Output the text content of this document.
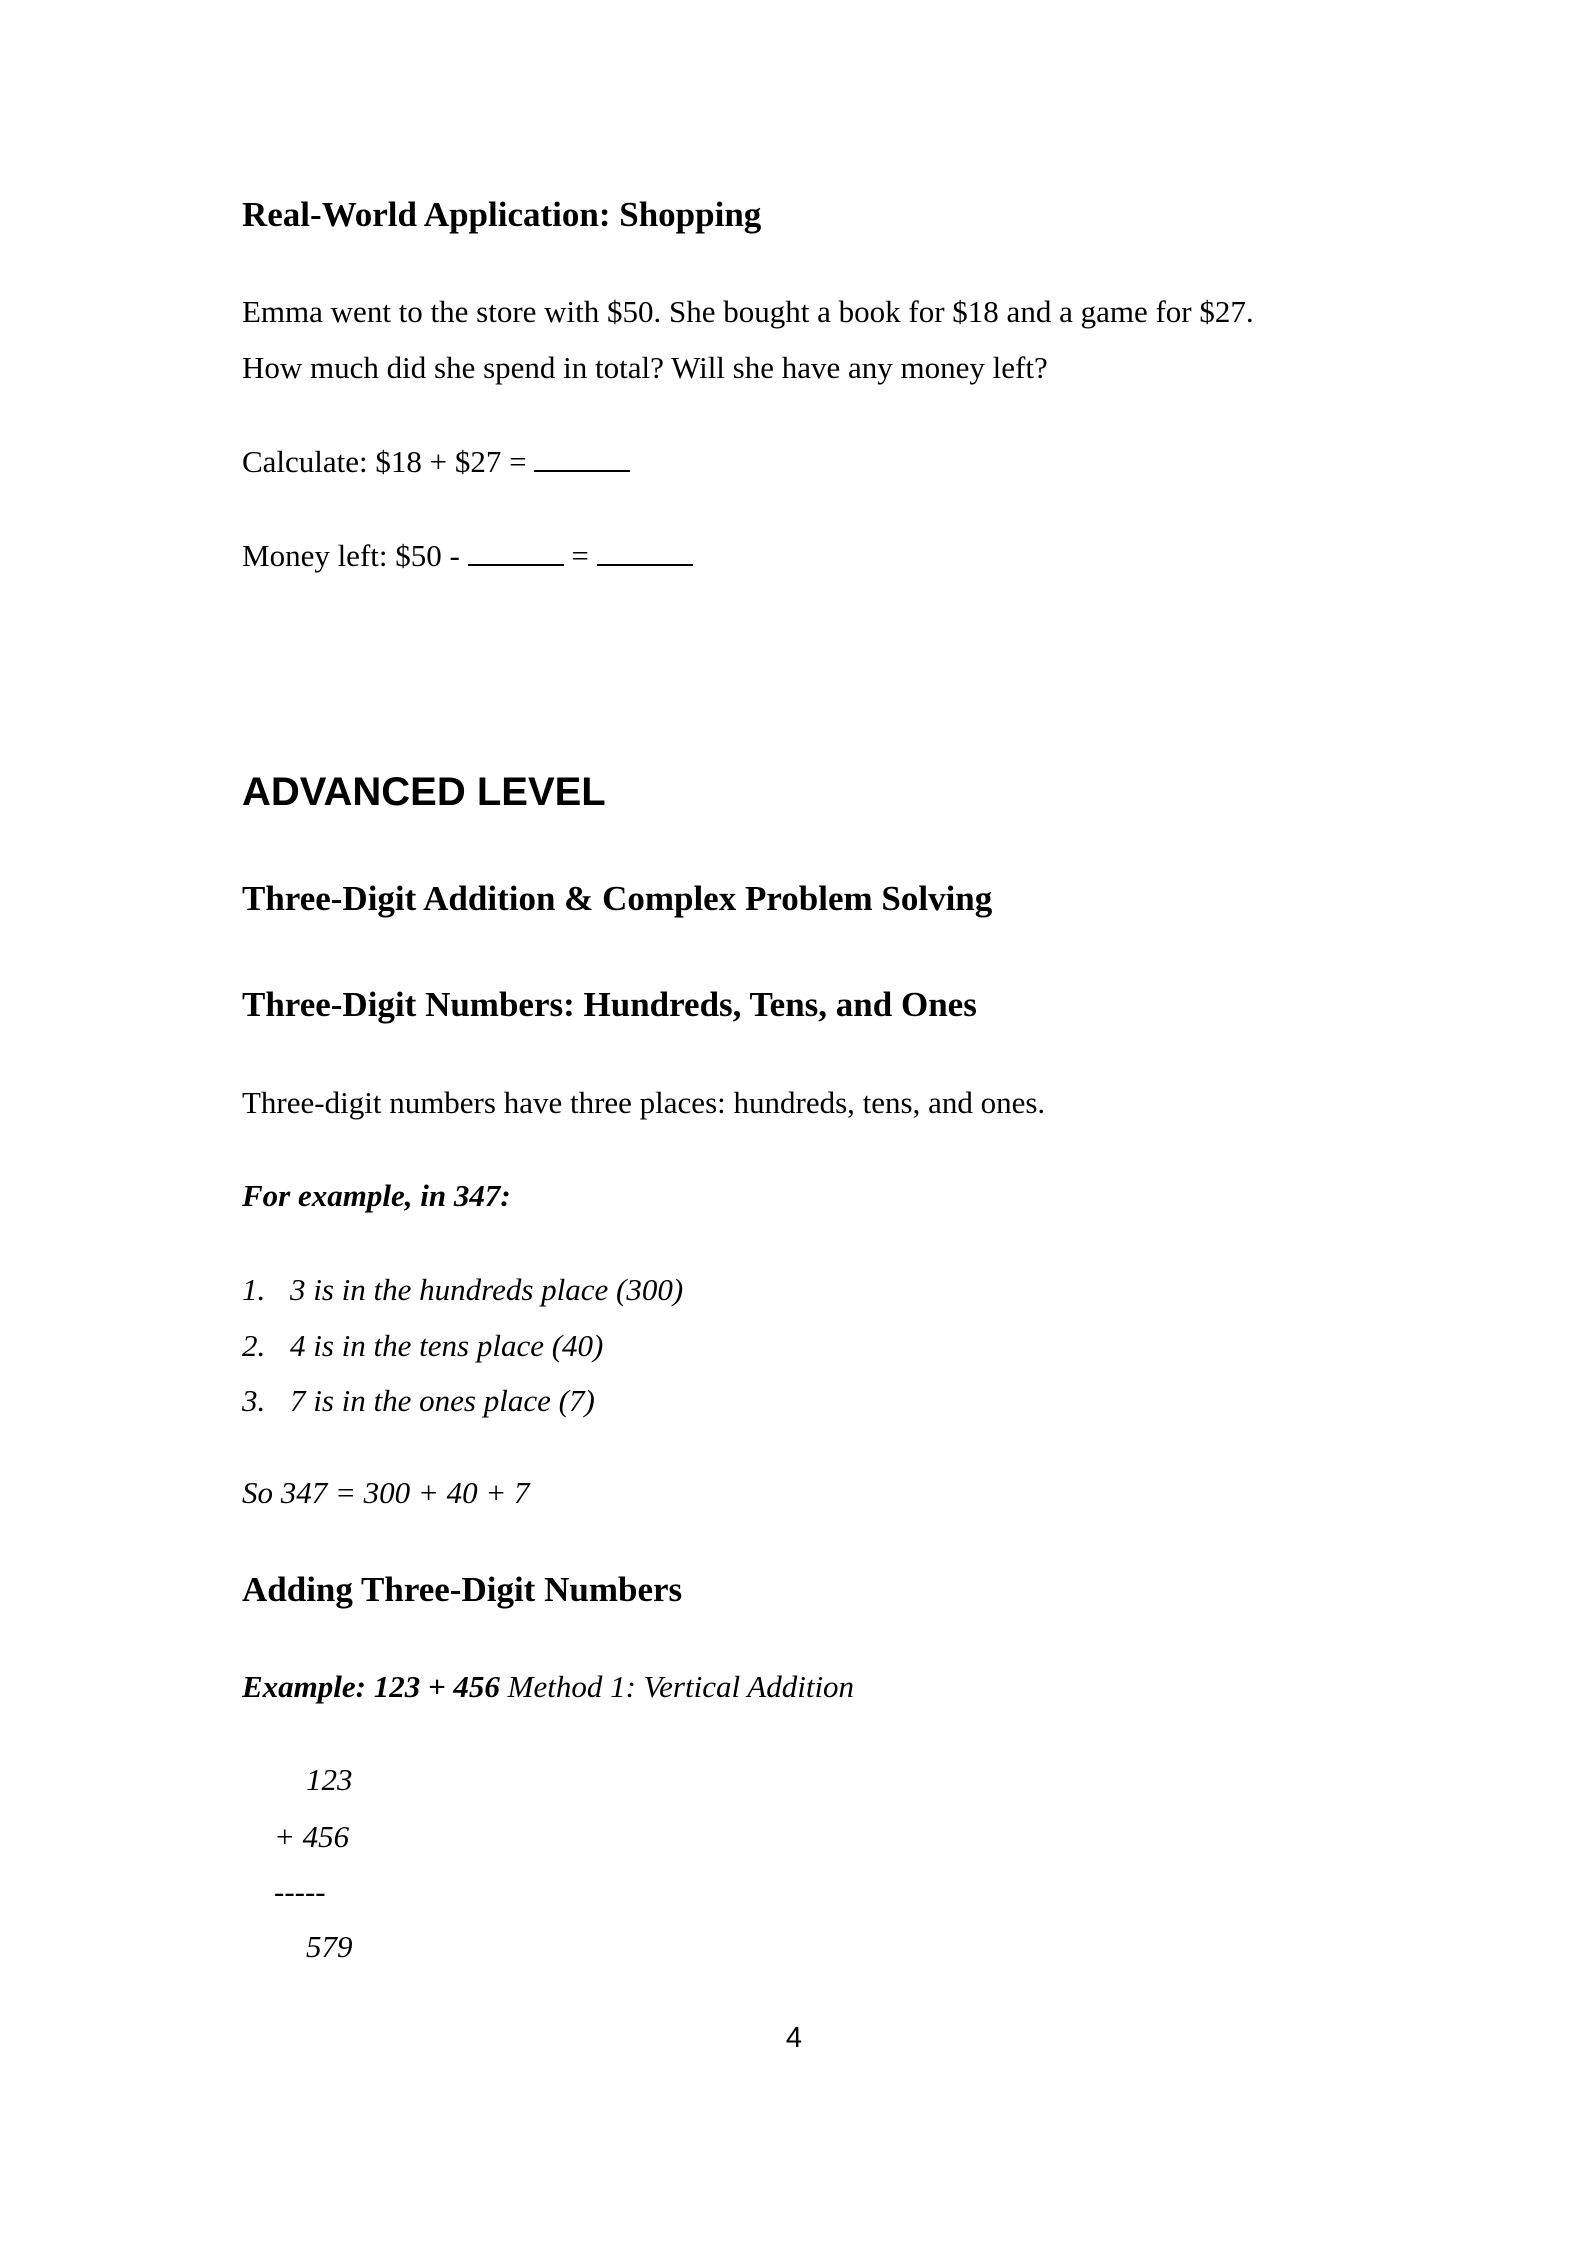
Real-World Application: Shopping
Emma went to the store with $50. She bought a book for $18 and a game for $27.
How much did she spend in total? Will she have any money left?
Calculate: $18 + $27 =
Money left: $50 -	=
ADVANCED LEVEL
Three-Digit Addition & Complex Problem Solving
Three-Digit Numbers: Hundreds, Tens, and Ones
Three-digit numbers have three places: hundreds, tens, and ones.
For example, in 347:
1. 3 is in the hundreds place (300)
2. 4 is in the tens place (40)
3. 7 is in the ones place (7)
So 347 = 300 + 40 + 7
Adding Three-Digit Numbers
Example: 123 + 456 Method 1: Vertical Addition
123
+ 456
-----
579
4
